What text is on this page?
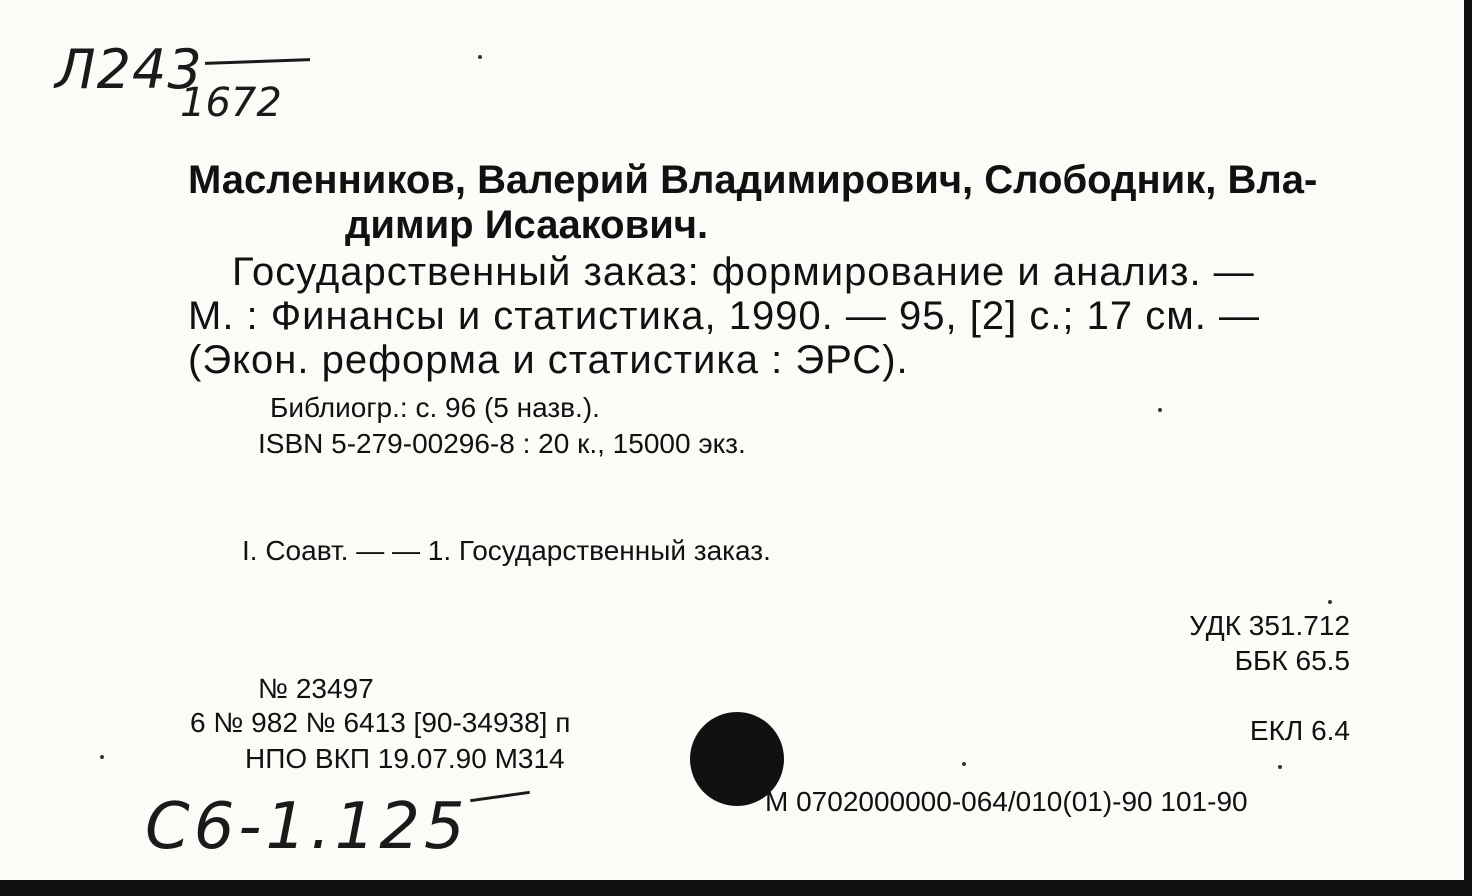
Л243
1672
Масленников, Валерий Владимирович, Слободник, Вла-
димир Исаакович.
Государственный заказ: формирование и анализ. —
М. : Финансы и статистика, 1990. — 95, [2] с.; 17 см. —
(Экон. реформа и статистика : ЭРС).
Библиогр.: с. 96 (5 назв.).
ISBN 5-279-00296-8 : 20 к., 15000 экз.
I. Соавт. — — 1. Государственный заказ.
УДК 351.712
ББК 65.5
ЕКЛ 6.4
№ 23497
6 № 982 № 6413 [90-34938] п
НПО ВКП 19.07.90 M314
М 0702000000-064/010(01)-90 101-90
C6-1.125
